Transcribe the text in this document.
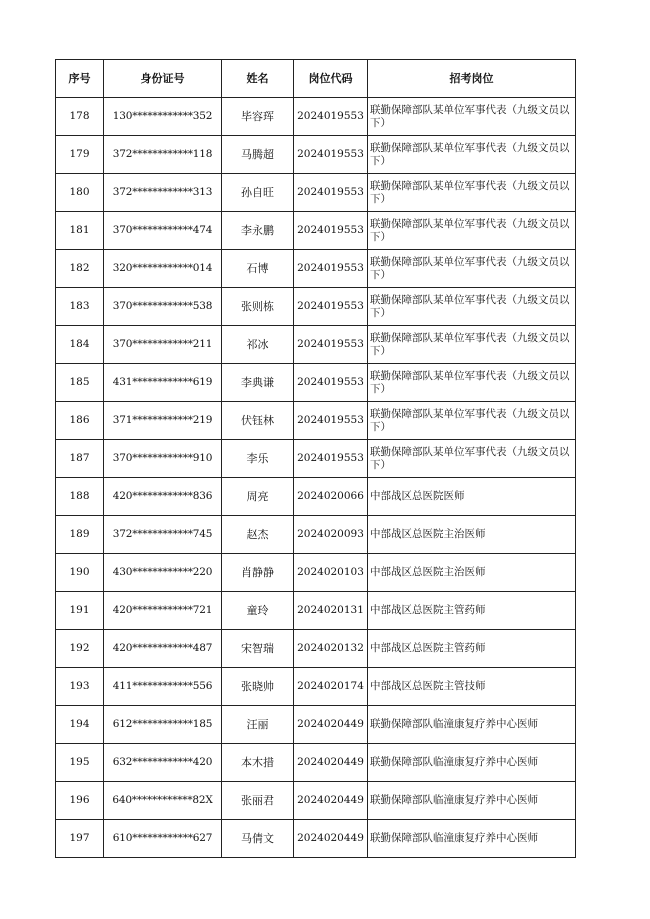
序号	身份证号	姓名	岗位代码	招考岗位
178	130************352	毕容珲	2024019553	联勤保障部队某单位军事代表（九级文员以下）
179	372************118	马腾超	2024019553	联勤保障部队某单位军事代表（九级文员以下）
180	372************313	孙自旺	2024019553	联勤保障部队某单位军事代表（九级文员以下）
181	370************474	李永鹏	2024019553	联勤保障部队某单位军事代表（九级文员以下）
182	320************014	石博	2024019553	联勤保障部队某单位军事代表（九级文员以下）
183	370************538	张则栋	2024019553	联勤保障部队某单位军事代表（九级文员以下）
184	370************211	祁冰	2024019553	联勤保障部队某单位军事代表（九级文员以下）
185	431************619	李典谦	2024019553	联勤保障部队某单位军事代表（九级文员以下）
186	371************219	伏钰林	2024019553	联勤保障部队某单位军事代表（九级文员以下）
187	370************910	李乐	2024019553	联勤保障部队某单位军事代表（九级文员以下）
188	420************836	周亮	2024020066	中部战区总医院医师
189	372************745	赵杰	2024020093	中部战区总医院主治医师
190	430************220	肖静静	2024020103	中部战区总医院主治医师
191	420************721	童玲	2024020131	中部战区总医院主管药师
192	420************487	宋智瑞	2024020132	中部战区总医院主管药师
193	411************556	张晓帅	2024020174	中部战区总医院主管技师
194	612************185	汪丽	2024020449	联勤保障部队临潼康复疗养中心医师
195	632************420	本木措	2024020449	联勤保障部队临潼康复疗养中心医师
196	640************82X	张丽君	2024020449	联勤保障部队临潼康复疗养中心医师
197	610************627	马倩文	2024020449	联勤保障部队临潼康复疗养中心医师
